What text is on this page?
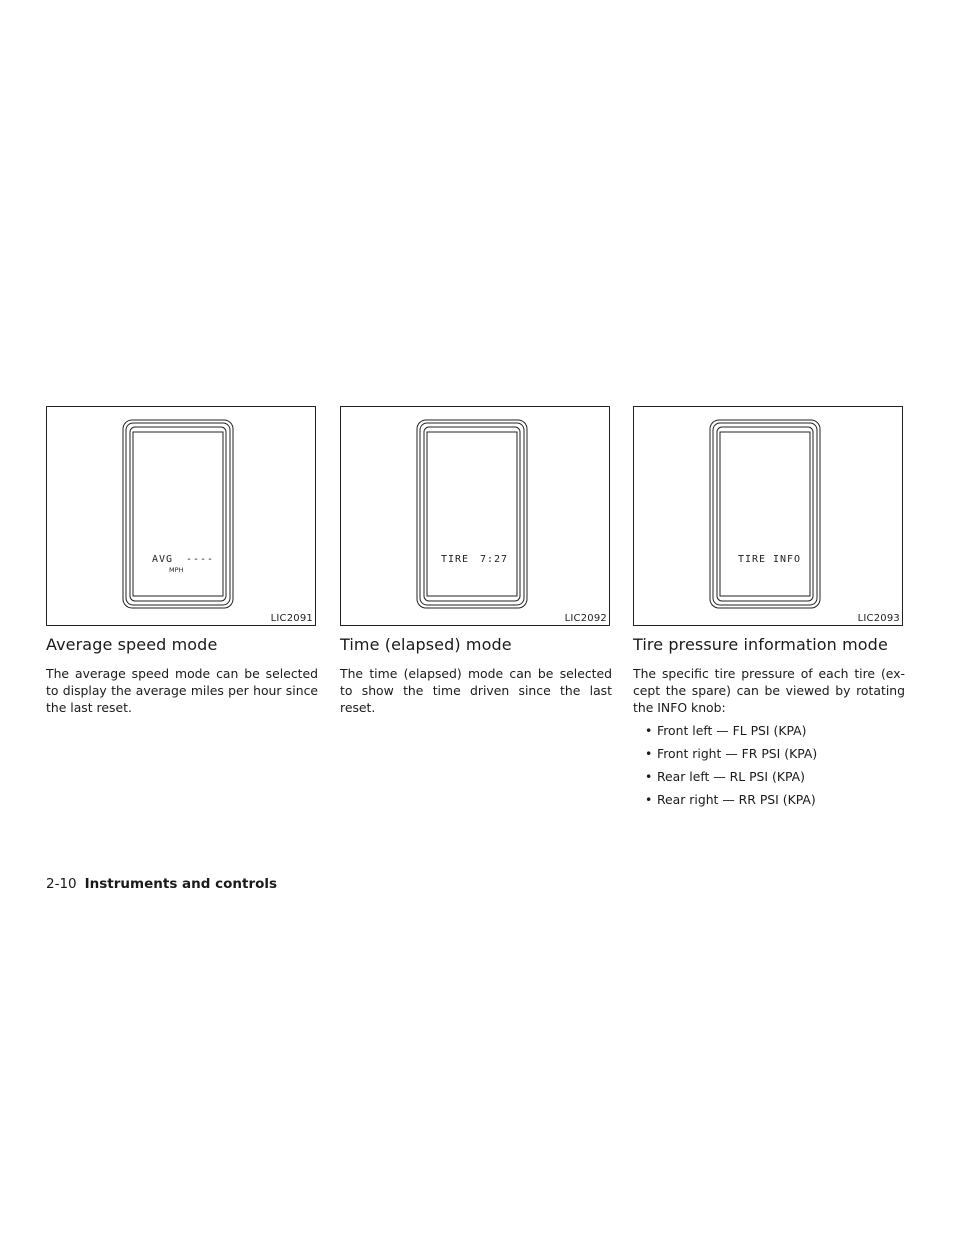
AVG ----
MPH
LIC2091
Average speed mode

The average speed mode can be selected to display the average miles per hour since the last reset.

TIRE 7:27
LIC2092
Time (elapsed) mode

The time (elapsed) mode can be selected to show the time driven since the last reset.

TIRE INFO
LIC2093
Tire pressure information mode

The specific tire pressure of each tire (ex- cept the spare) can be viewed by rotating the INFO knob:

• Front left — FL PSI (KPA)
• Front right — FR PSI (KPA)
• Rear left — RL PSI (KPA)
• Rear right — RR PSI (KPA)
2-10 Instruments and controls
